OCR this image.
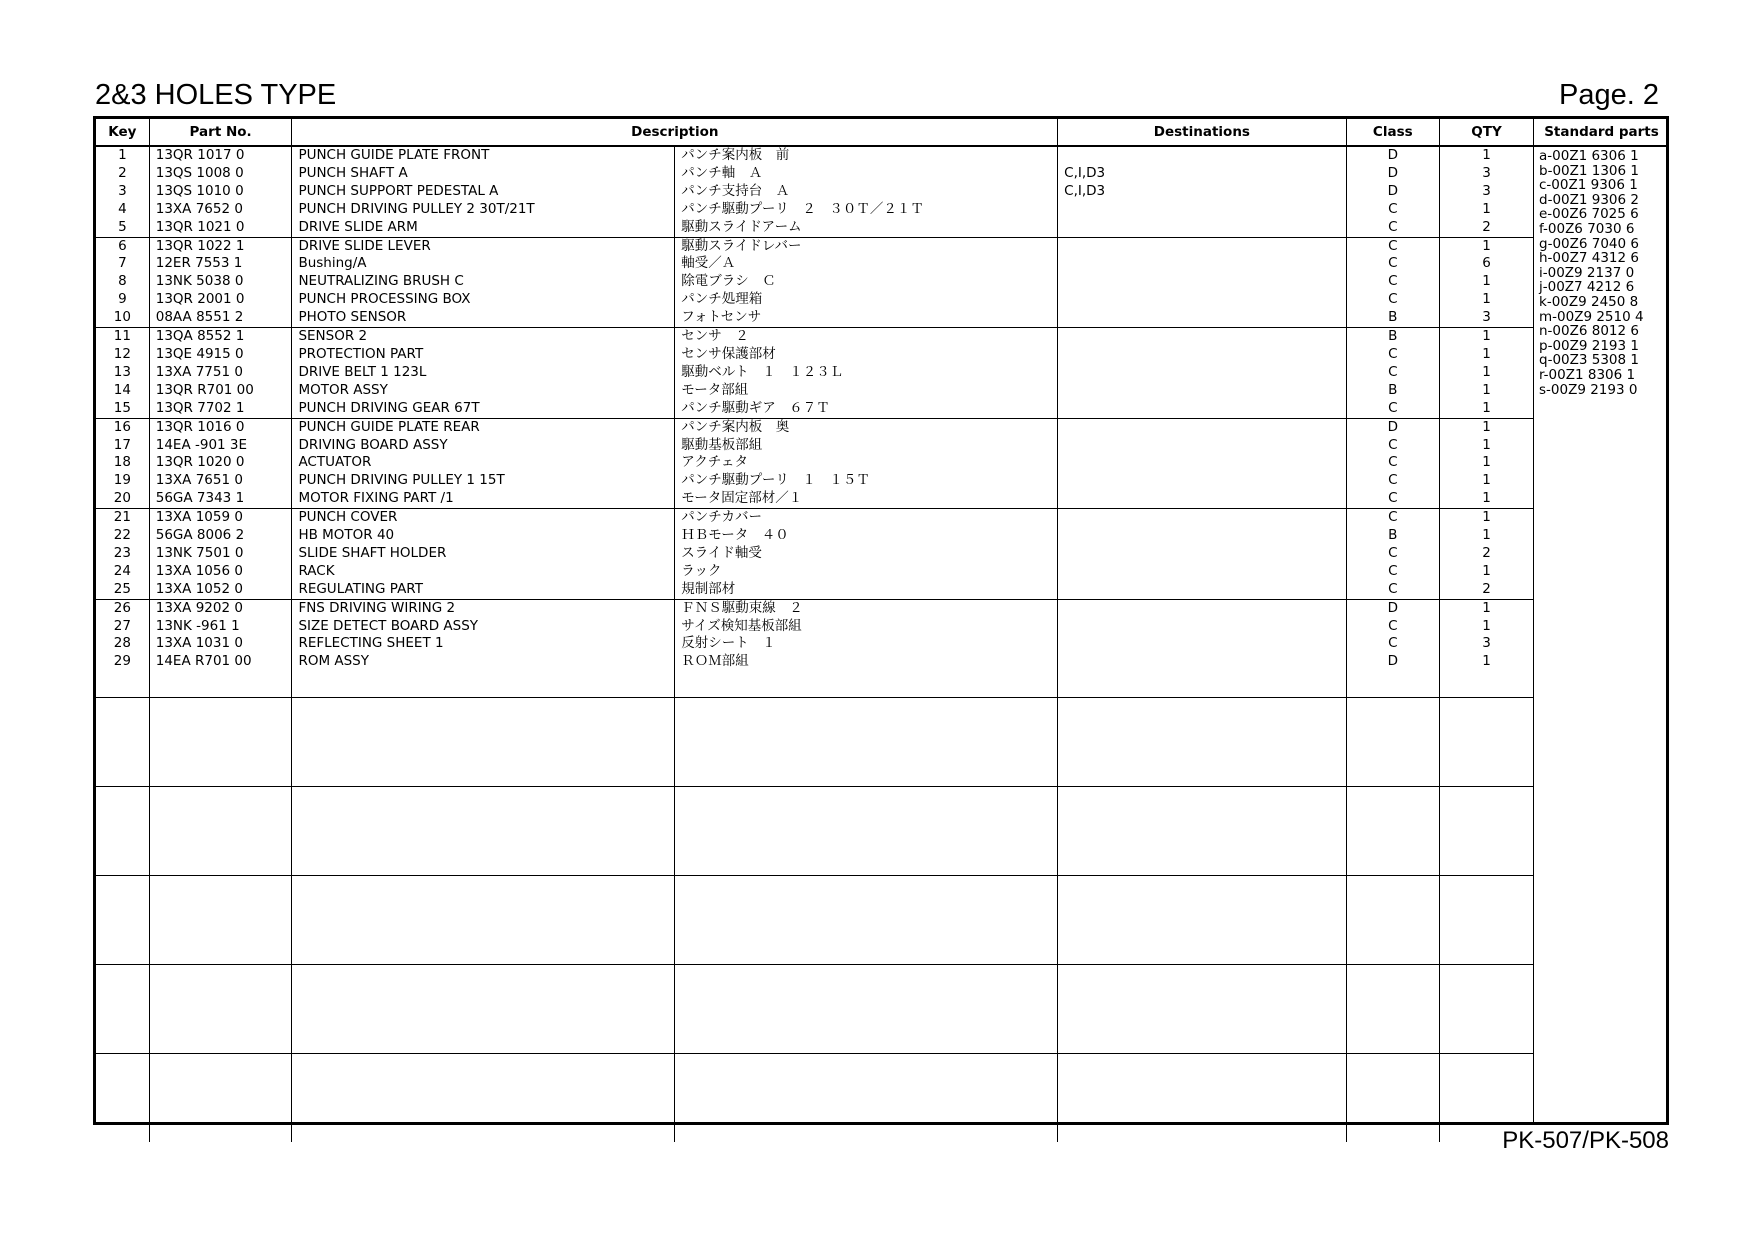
2&3 HOLES TYPE	Page. 2
Key	Part No.	Description		Destinations	Class	QTY
1	13QR 1017 0	PUNCH GUIDE PLATE FRONT	パンチ案内板　前		D	1
2	13QS 1008 0	PUNCH SHAFT A	パンチ軸　Ａ	C,I,D3	D	3
3	13QS 1010 0	PUNCH SUPPORT PEDESTAL A	パンチ支持台　Ａ	C,I,D3	D	3
4	13XA 7652 0	PUNCH DRIVING PULLEY 2 30T/21T	パンチ駆動プーリ　２　３０Ｔ／２１Ｔ		C	1
5	13QR 1021 0	DRIVE SLIDE ARM	駆動スライドアーム		C	2
6	13QR 1022 1	DRIVE SLIDE LEVER	駆動スライドレバー		C	1
7	12ER 7553 1	Bushing/A	軸受／Ａ		C	6
8	13NK 5038 0	NEUTRALIZING BRUSH C	除電ブラシ　Ｃ		C	1
9	13QR 2001 0	PUNCH PROCESSING BOX	パンチ処理箱		C	1
10	08AA 8551 2	PHOTO SENSOR	フォトセンサ		B	3
11	13QA 8552 1	SENSOR 2	センサ　２		B	1
12	13QE 4915 0	PROTECTION PART	センサ保護部材		C	1
13	13XA 7751 0	DRIVE BELT 1 123L	駆動ベルト　１　１２３Ｌ		C	1
14	13QR R701 00	MOTOR ASSY	モータ部組		B	1
15	13QR 7702 1	PUNCH DRIVING GEAR 67T	パンチ駆動ギア　６７Ｔ		C	1
16	13QR 1016 0	PUNCH GUIDE PLATE REAR	パンチ案内板　奥		D	1
17	14EA -901 3E	DRIVING BOARD ASSY	駆動基板部組		C	1
18	13QR 1020 0	ACTUATOR	アクチェタ		C	1
19	13XA 7651 0	PUNCH DRIVING PULLEY 1 15T	パンチ駆動プーリ　１　１５Ｔ		C	1
20	56GA 7343 1	MOTOR FIXING PART /1	モータ固定部材／１		C	1
21	13XA 1059 0	PUNCH COVER	パンチカバー		C	1
22	56GA 8006 2	HB MOTOR 40	ＨＢモータ　４０		B	1
23	13NK 7501 0	SLIDE SHAFT HOLDER	スライド軸受		C	2
24	13XA 1056 0	RACK	ラック		C	1
25	13XA 1052 0	REGULATING PART	規制部材		C	2
26	13XA 9202 0	FNS DRIVING WIRING 2	ＦＮＳ駆動束線　２		D	1
27	13NK -961 1	SIZE DETECT BOARD ASSY	サイズ検知基板部組		C	1
28	13XA 1031 0	REFLECTING SHEET 1	反射シート　１		C	3
29	14EA R701 00	ROM ASSY	ＲＯＭ部組		D	1

Standard parts
a-00Z1 6306 1
b-00Z1 1306 1
c-00Z1 9306 1
d-00Z1 9306 2
e-00Z6 7025 6
f-00Z6 7030 6
g-00Z6 7040 6
h-00Z7 4312 6
i-00Z9 2137 0
j-00Z7 4212 6
k-00Z9 2450 8
m-00Z9 2510 4
n-00Z6 8012 6
p-00Z9 2193 1
q-00Z3 5308 1
r-00Z1 8306 1
s-00Z9 2193 0
PK-507/PK-508
